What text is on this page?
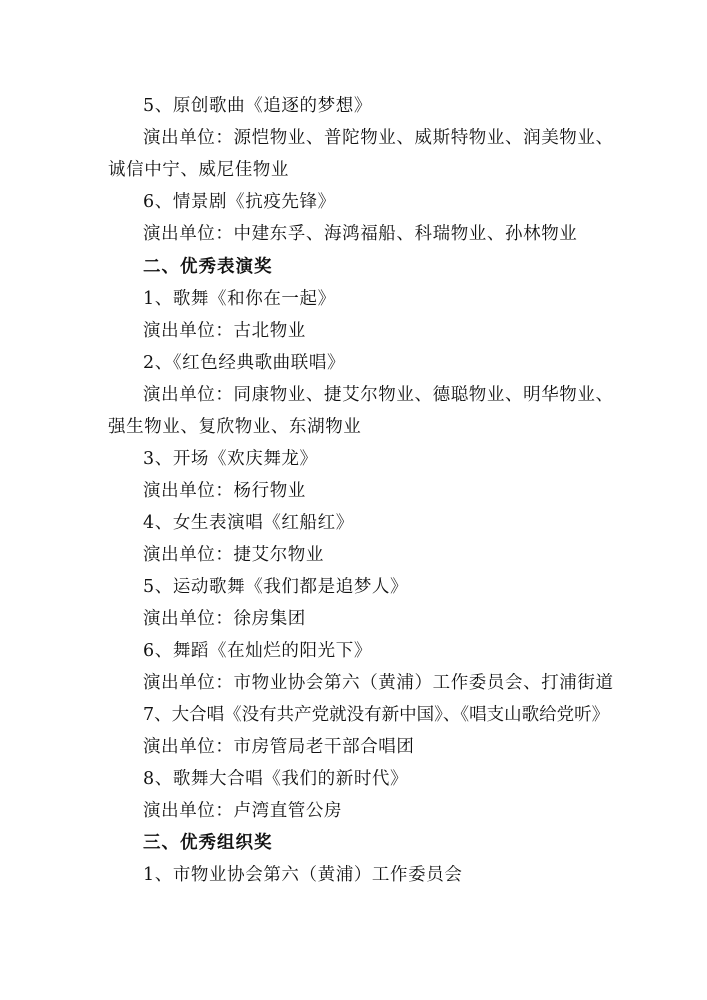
5、原创歌曲《追逐的梦想》
演出单位：源恺物业、普陀物业、威斯特物业、润美物业、
诚信中宁、威尼佳物业
6、情景剧《抗疫先锋》
演出单位：中建东孚、海鸿福船、科瑞物业、孙林物业
二、优秀表演奖
1、歌舞《和你在一起》
演出单位：古北物业
2、《红色经典歌曲联唱》
演出单位：同康物业、捷艾尔物业、德聪物业、明华物业、
强生物业、复欣物业、东湖物业
3、开场《欢庆舞龙》
演出单位：杨行物业
4、女生表演唱《红船红》
演出单位：捷艾尔物业
5、运动歌舞《我们都是追梦人》
演出单位：徐房集团
6、舞蹈《在灿烂的阳光下》
演出单位：市物业协会第六（黄浦）工作委员会、打浦街道
7、大合唱《没有共产党就没有新中国》、《唱支山歌给党听》
演出单位：市房管局老干部合唱团
8、歌舞大合唱《我们的新时代》
演出单位：卢湾直管公房
三、优秀组织奖
1、市物业协会第六（黄浦）工作委员会
